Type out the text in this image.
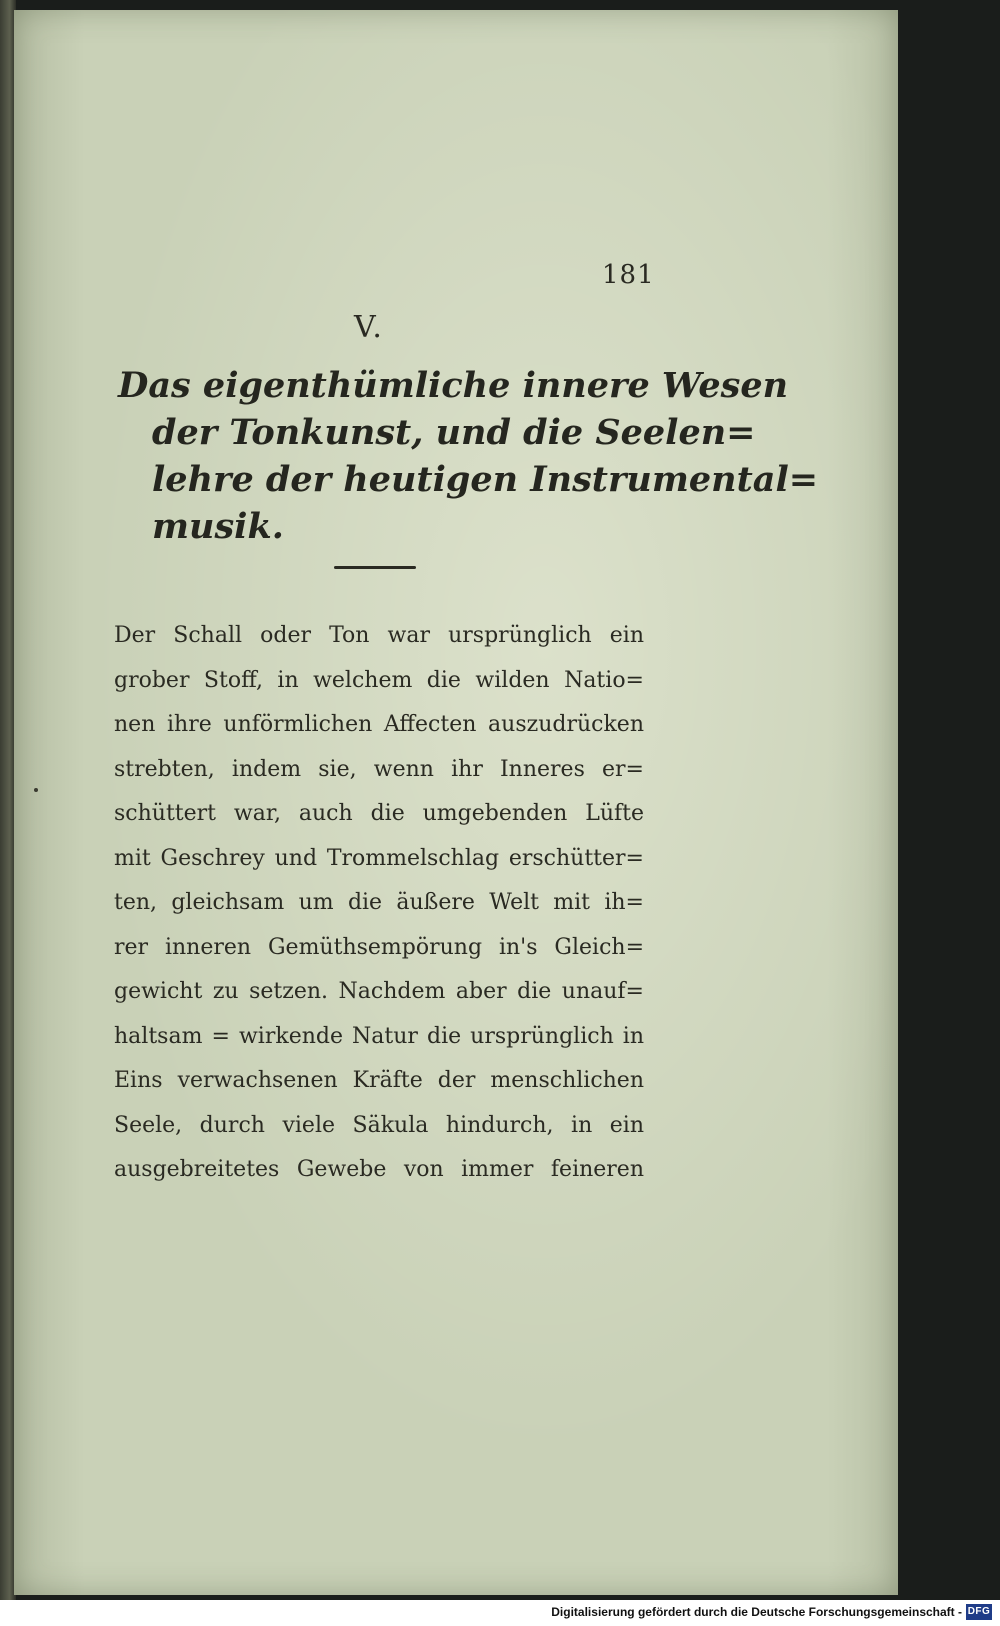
181
V.
Das eigenthümliche innere Wesen
der Tonkunst, und die Seelen=
lehre der heutigen Instrumental=
musik.
Der Schall oder Ton war ursprünglich ein
grober Stoff, in welchem die wilden Natio=
nen ihre unförmlichen Affecten auszudrücken
strebten, indem sie, wenn ihr Inneres er=
schüttert war, auch die umgebenden Lüfte
mit Geschrey und Trommelschlag erschütter=
ten, gleichsam um die äußere Welt mit ih=
rer inneren Gemüthsempörung in's Gleich=
gewicht zu setzen. Nachdem aber die unauf=
haltsam = wirkende Natur die ursprünglich in
Eins verwachsenen Kräfte der menschlichen
Seele, durch viele Säkula hindurch, in ein
ausgebreitetes Gewebe von immer feineren
Digitalisierung gefördert durch die Deutsche Forschungsgemeinschaft - DFG
